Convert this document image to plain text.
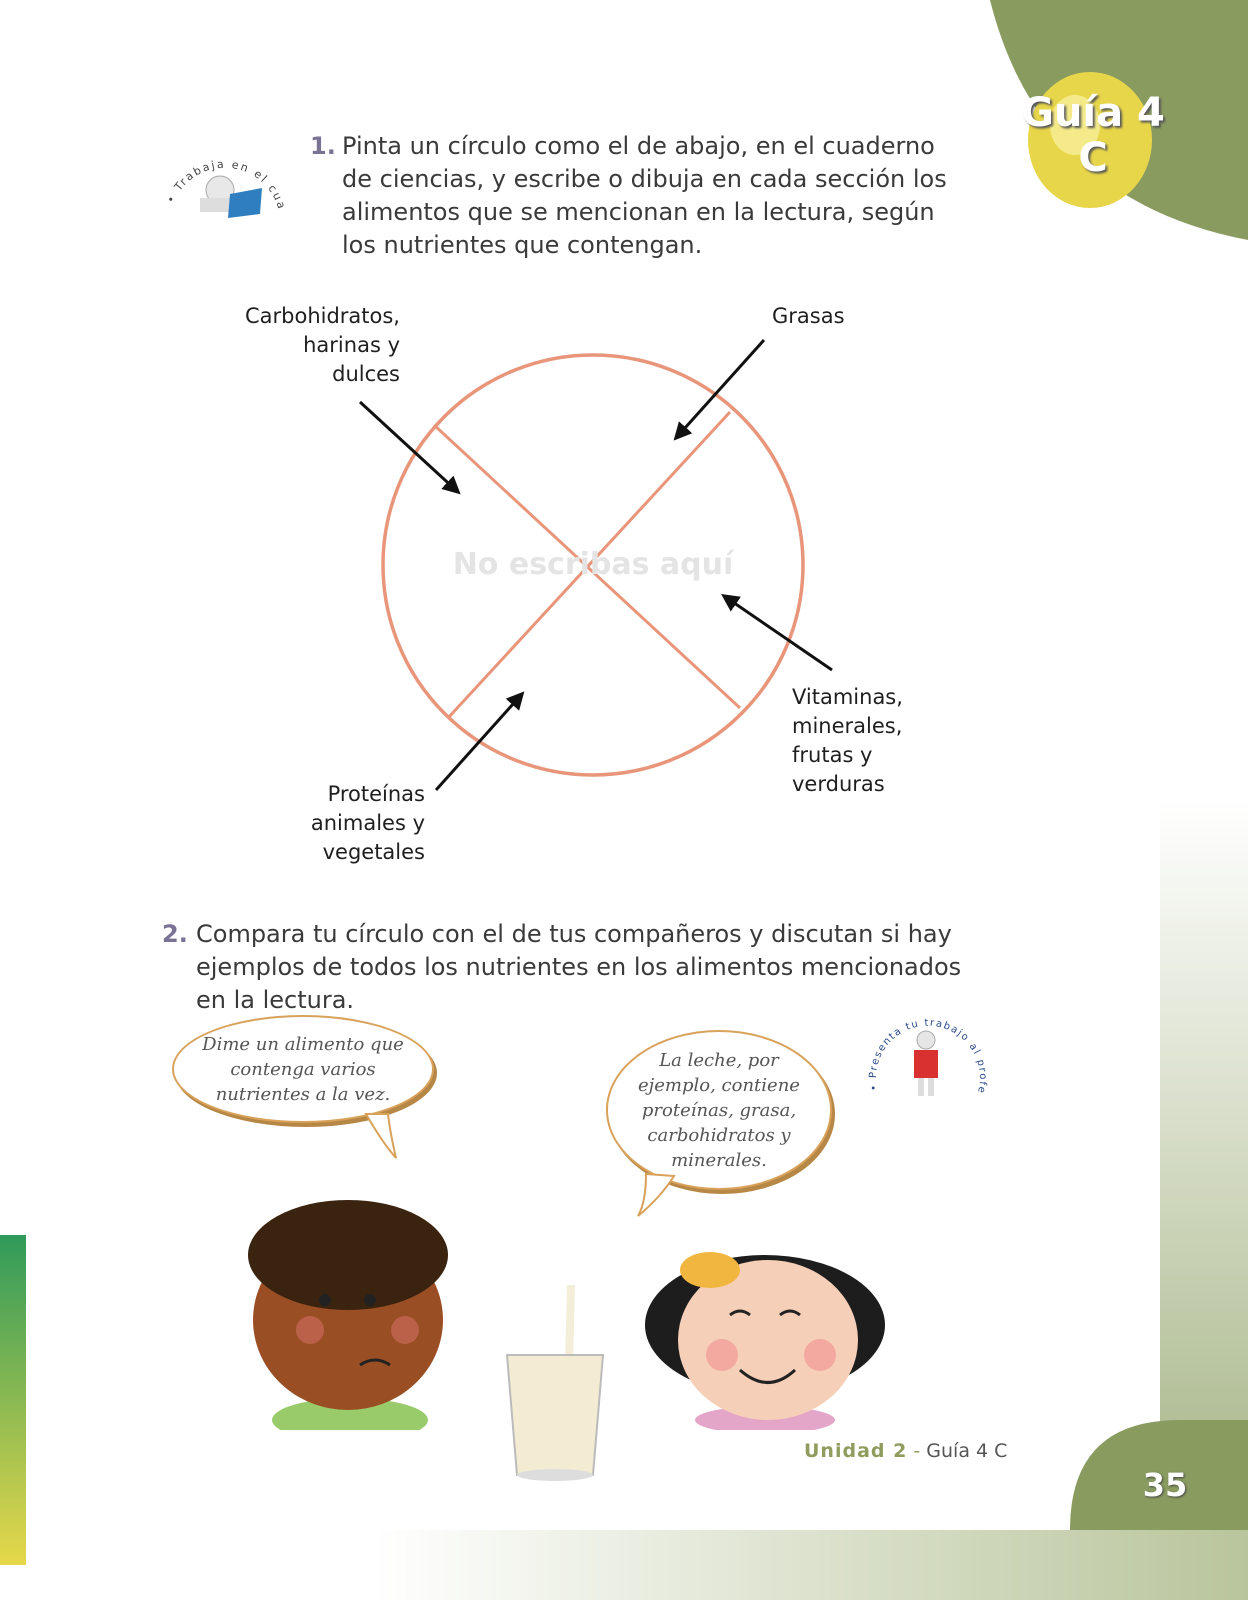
Guía 4
C
35
• Trabaja en el cua
1. Pinta un círculo como el de abajo, en el cuaderno de ciencias, y escribe o dibuja en cada sección los alimentos que se mencionan en la lectura, según los nutrientes que contengan.
No escribas aquí
Carbohidratos, harinas y dulces
Grasas
Vitaminas, minerales, frutas y verduras
Proteínas animales y vegetales
2. Compara tu círculo con el de tus compañeros y discutan si hay ejemplos de todos los nutrientes en los alimentos mencionados en la lectura.
Dime un alimento que contenga varios nutrientes a la vez.
La leche, por ejemplo, contiene proteínas, grasa, carbohidratos y minerales.
• Presenta tu trabajo al profe
Unidad 2 - Guía 4 C
